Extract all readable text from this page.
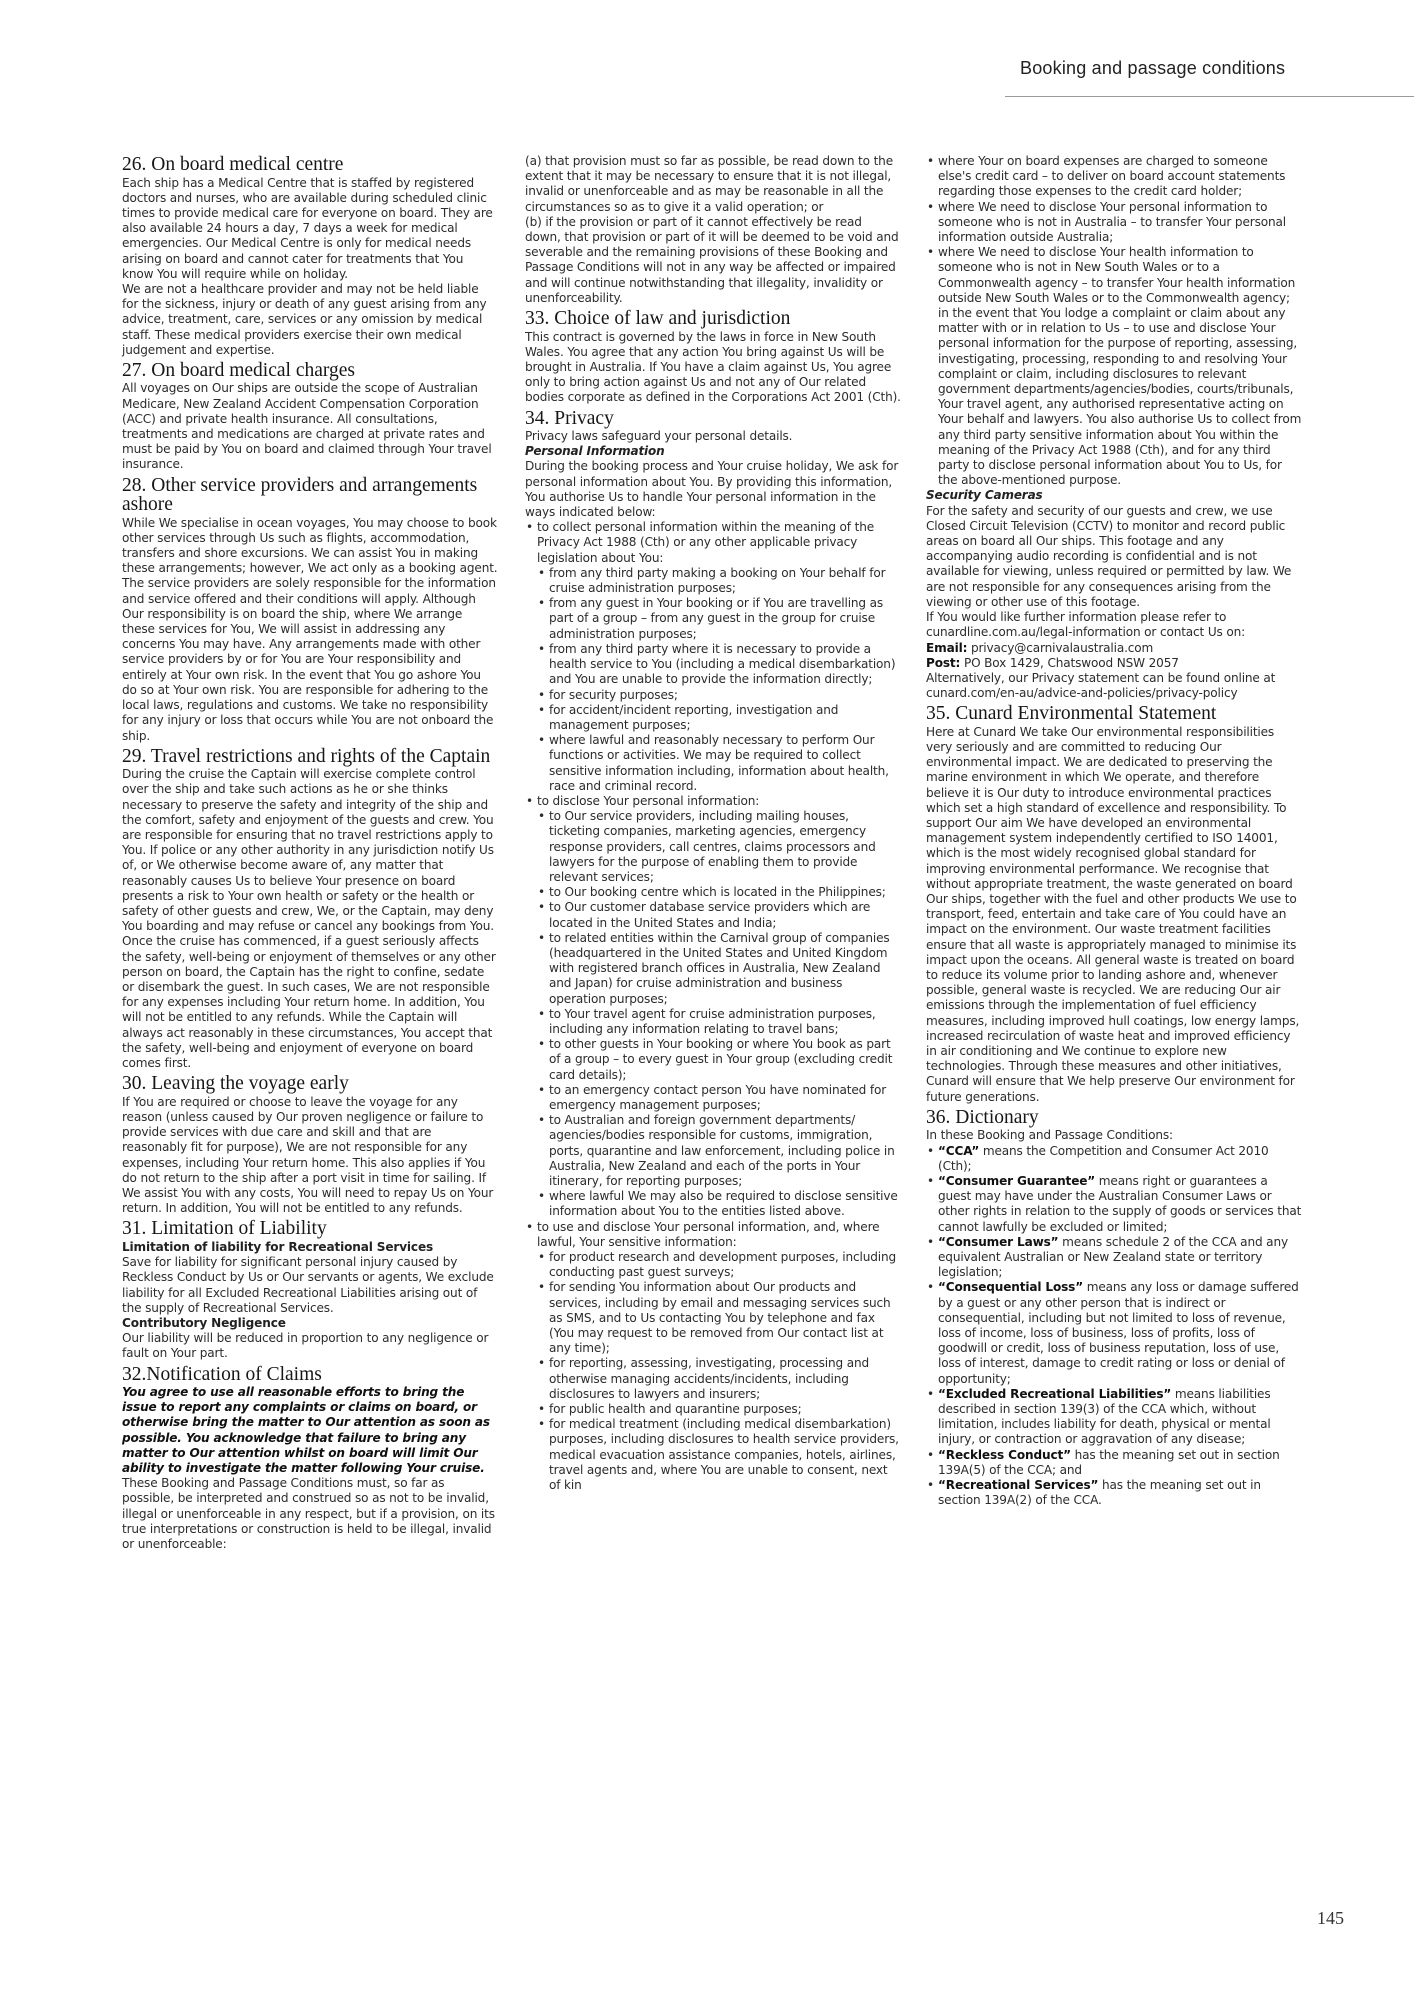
Booking and passage conditions
26. On board medical centre

Each ship has a Medical Centre that is staffed by registered doctors and nurses, who are available during scheduled clinic times to provide medical care for everyone on board. They are also available 24 hours a day, 7 days a week for medical emergencies. Our Medical Centre is only for medical needs arising on board and cannot cater for treatments that You know You will require while on holiday.

We are not a healthcare provider and may not be held liable for the sickness, injury or death of any guest arising from any advice, treatment, care, services or any omission by medical staff. These medical providers exercise their own medical judgement and expertise.

27. On board medical charges

All voyages on Our ships are outside the scope of Australian Medicare, New Zealand Accident Compensation Corporation (ACC) and private health insurance. All consultations, treatments and medications are charged at private rates and must be paid by You on board and claimed through Your travel insurance.

28. Other service providers and arrangements ashore

While We specialise in ocean voyages, You may choose to book other services through Us such as flights, accommodation, transfers and shore excursions. We can assist You in making these arrangements; however, We act only as a booking agent. The service providers are solely responsible for the information and service offered and their conditions will apply. Although Our responsibility is on board the ship, where We arrange these services for You, We will assist in addressing any concerns You may have. Any arrangements made with other service providers by or for You are Your responsibility and entirely at Your own risk. In the event that You go ashore You do so at Your own risk. You are responsible for adhering to the local laws, regulations and customs. We take no responsibility for any injury or loss that occurs while You are not onboard the ship.

29. Travel restrictions and rights of the Captain

During the cruise the Captain will exercise complete control over the ship and take such actions as he or she thinks necessary to preserve the safety and integrity of the ship and the comfort, safety and enjoyment of the guests and crew. You are responsible for ensuring that no travel restrictions apply to You. If police or any other authority in any jurisdiction notify Us of, or We otherwise become aware of, any matter that reasonably causes Us to believe Your presence on board presents a risk to Your own health or safety or the health or safety of other guests and crew, We, or the Captain, may deny You boarding and may refuse or cancel any bookings from You. Once the cruise has commenced, if a guest seriously affects the safety, well-being or enjoyment of themselves or any other person on board, the Captain has the right to confine, sedate or disembark the guest. In such cases, We are not responsible for any expenses including Your return home. In addition, You will not be entitled to any refunds. While the Captain will always act reasonably in these circumstances, You accept that the safety, well-being and enjoyment of everyone on board comes first.

30. Leaving the voyage early

If You are required or choose to leave the voyage for any reason (unless caused by Our proven negligence or failure to provide services with due care and skill and that are reasonably fit for purpose), We are not responsible for any expenses, including Your return home. This also applies if You do not return to the ship after a port visit in time for sailing. If We assist You with any costs, You will need to repay Us on Your return. In addition, You will not be entitled to any refunds.

31. Limitation of Liability
Limitation of liability for Recreational Services

Save for liability for significant personal injury caused by Reckless Conduct by Us or Our servants or agents, We exclude liability for all Excluded Recreational Liabilities arising out of the supply of Recreational Services.

Contributory Negligence

Our liability will be reduced in proportion to any negligence or fault on Your part.

32.Notification of Claims

You agree to use all reasonable efforts to bring the issue to report any complaints or claims on board, or otherwise bring the matter to Our attention as soon as possible. You acknowledge that failure to bring any matter to Our attention whilst on board will limit Our ability to investigate the matter following Your cruise.

These Booking and Passage Conditions must, so far as possible, be interpreted and construed so as not to be invalid, illegal or unenforceable in any respect, but if a provision, on its true interpretations or construction is held to be illegal, invalid or unenforceable:

(a) that provision must so far as possible, be read down to the extent that it may be necessary to ensure that it is not illegal, invalid or unenforceable and as may be reasonable in all the circumstances so as to give it a valid operation; or

(b) if the provision or part of it cannot effectively be read down, that provision or part of it will be deemed to be void and severable and the remaining provisions of these Booking and Passage Conditions will not in any way be affected or impaired and will continue notwithstanding that illegality, invalidity or unenforceability.

33. Choice of law and jurisdiction

This contract is governed by the laws in force in New South Wales. You agree that any action You bring against Us will be brought in Australia. If You have a claim against Us, You agree only to bring action against Us and not any of Our related bodies corporate as defined in the Corporations Act 2001 (Cth).

34. Privacy

Privacy laws safeguard your personal details.

Personal Information

During the booking process and Your cruise holiday, We ask for personal information about You. By providing this information, You authorise Us to handle Your personal information in the ways indicated below:

• to collect personal information within the meaning of the Privacy Act 1988 (Cth) or any other applicable privacy legislation about You:
• from any third party making a booking on Your behalf for cruise administration purposes;
• from any guest in Your booking or if You are travelling as part of a group – from any guest in the group for cruise administration purposes;
• from any third party where it is necessary to provide a health service to You (including a medical disembarkation) and You are unable to provide the information directly;
• for security purposes;
• for accident/incident reporting, investigation and management purposes;
• where lawful and reasonably necessary to perform Our functions or activities. We may be required to collect sensitive information including, information about health, race and criminal record.
• to disclose Your personal information:
• to Our service providers, including mailing houses, ticketing companies, marketing agencies, emergency response providers, call centres, claims processors and lawyers for the purpose of enabling them to provide relevant services;
• to Our booking centre which is located in the Philippines;
• to Our customer database service providers which are located in the United States and India;
• to related entities within the Carnival group of companies (headquartered in the United States and United Kingdom with registered branch offices in Australia, New Zealand and Japan) for cruise administration and business operation purposes;
• to Your travel agent for cruise administration purposes, including any information relating to travel bans;
• to other guests in Your booking or where You book as part of a group – to every guest in Your group (excluding credit card details);
• to an emergency contact person You have nominated for emergency management purposes;
• to Australian and foreign government departments/ agencies/bodies responsible for customs, immigration, ports, quarantine and law enforcement, including police in Australia, New Zealand and each of the ports in Your itinerary, for reporting purposes;
• where lawful We may also be required to disclose sensitive information about You to the entities listed above.
• to use and disclose Your personal information, and, where lawful, Your sensitive information:
• for product research and development purposes, including conducting past guest surveys;
• for sending You information about Our products and services, including by email and messaging services such as SMS, and to Us contacting You by telephone and fax (You may request to be removed from Our contact list at any time);
• for reporting, assessing, investigating, processing and otherwise managing accidents/incidents, including disclosures to lawyers and insurers;
• for public health and quarantine purposes;
• for medical treatment (including medical disembarkation) purposes, including disclosures to health service providers, medical evacuation assistance companies, hotels, airlines, travel agents and, where You are unable to consent, next of kin
• where Your on board expenses are charged to someone else's credit card – to deliver on board account statements regarding those expenses to the credit card holder;
• where We need to disclose Your personal information to someone who is not in Australia – to transfer Your personal information outside Australia;
• where We need to disclose Your health information to someone who is not in New South Wales or to a Commonwealth agency – to transfer Your health information outside New South Wales or to the Commonwealth agency; in the event that You lodge a complaint or claim about any matter with or in relation to Us – to use and disclose Your personal information for the purpose of reporting, assessing, investigating, processing, responding to and resolving Your complaint or claim, including disclosures to relevant government departments/agencies/bodies, courts/tribunals, Your travel agent, any authorised representative acting on Your behalf and lawyers. You also authorise Us to collect from any third party sensitive information about You within the meaning of the Privacy Act 1988 (Cth), and for any third party to disclose personal information about You to Us, for the above-mentioned purpose.
Security Cameras

For the safety and security of our guests and crew, we use Closed Circuit Television (CCTV) to monitor and record public areas on board all Our ships. This footage and any accompanying audio recording is confidential and is not available for viewing, unless required or permitted by law. We are not responsible for any consequences arising from the viewing or other use of this footage.

If You would like further information please refer to cunardline.com.au/legal-information or contact Us on:

Email: privacy@carnivalaustralia.com

Post: PO Box 1429, Chatswood NSW 2057

Alternatively, our Privacy statement can be found online at cunard.com/en-au/advice-and-policies/privacy-policy

35. Cunard Environmental Statement

Here at Cunard We take Our environmental responsibilities very seriously and are committed to reducing Our environmental impact. We are dedicated to preserving the marine environment in which We operate, and therefore believe it is Our duty to introduce environmental practices which set a high standard of excellence and responsibility. To support Our aim We have developed an environmental management system independently certified to ISO 14001, which is the most widely recognised global standard for improving environmental performance. We recognise that without appropriate treatment, the waste generated on board Our ships, together with the fuel and other products We use to transport, feed, entertain and take care of You could have an impact on the environment. Our waste treatment facilities ensure that all waste is appropriately managed to minimise its impact upon the oceans. All general waste is treated on board to reduce its volume prior to landing ashore and, whenever possible, general waste is recycled. We are reducing Our air emissions through the implementation of fuel efficiency measures, including improved hull coatings, low energy lamps, increased recirculation of waste heat and improved efficiency in air conditioning and We continue to explore new technologies. Through these measures and other initiatives, Cunard will ensure that We help preserve Our environment for future generations.

36. Dictionary

In these Booking and Passage Conditions:

• “CCA” means the Competition and Consumer Act 2010 (Cth);
• “Consumer Guarantee” means right or guarantees a guest may have under the Australian Consumer Laws or other rights in relation to the supply of goods or services that cannot lawfully be excluded or limited;
• “Consumer Laws” means schedule 2 of the CCA and any equivalent Australian or New Zealand state or territory legislation;
• “Consequential Loss” means any loss or damage suffered by a guest or any other person that is indirect or consequential, including but not limited to loss of revenue, loss of income, loss of business, loss of profits, loss of goodwill or credit, loss of business reputation, loss of use, loss of interest, damage to credit rating or loss or denial of opportunity;
• “Excluded Recreational Liabilities” means liabilities described in section 139(3) of the CCA which, without limitation, includes liability for death, physical or mental injury, or contraction or aggravation of any disease;
• “Reckless Conduct” has the meaning set out in section 139A(5) of the CCA; and
• “Recreational Services” has the meaning set out in section 139A(2) of the CCA.
145
